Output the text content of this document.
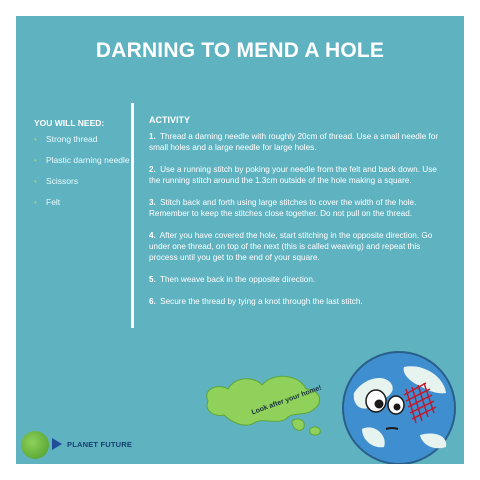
DARNING TO MEND A HOLE
YOU WILL NEED:
• Strong thread
• Plastic darning needle
• Scissors
• Felt
ACTIVITY

1. Thread a darning needle with roughly 20cm of thread. Use a small needle for small holes and a large needle for large holes.

2. Use a running stitch by poking your needle from the felt and back down. Use the running stitch around the 1.3cm outside of the hole making a square.

3. Stitch back and forth using large stitches to cover the width of the hole. Remember to keep the stitches close together. Do not pull on the thread.

4. After you have covered the hole, start stitching in the opposite direction. Go under one thread, on top of the next (this is called weaving) and repeat this process until you get to the end of your square.

5. Then weave back in the opposite direction.

6. Secure the thread by tying a knot through the last stitch.

Look after your home!
PLANET FUTURE
